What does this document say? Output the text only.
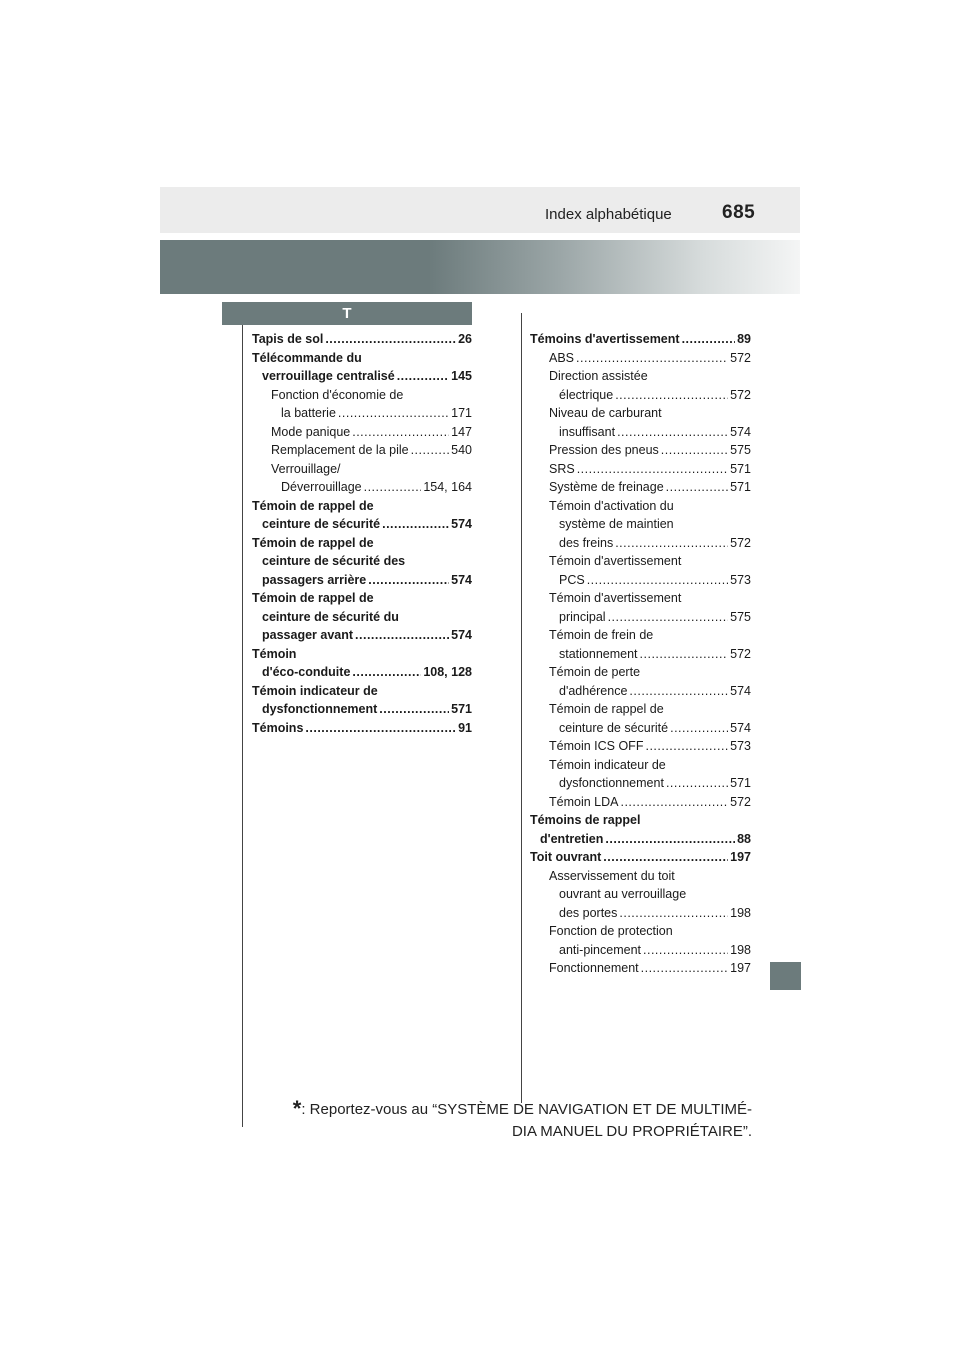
Index alphabétique	685
T
Tapis de sol .....	26
Télécommande du
verrouillage centralisé .....	145
Fonction d'économie de
la batterie .....	171
Mode panique .....	147
Remplacement de la pile .....	540
Verrouillage/
Déverrouillage .....	154, 164
Témoin de rappel de
ceinture de sécurité .....	574
Témoin de rappel de
ceinture de sécurité des
passagers arrière .....	574
Témoin de rappel de
ceinture de sécurité du
passager avant .....	574
Témoin
d'éco-conduite .....	108, 128
Témoin indicateur de
dysfonctionnement .....	571
Témoins .....	91
Témoins d'avertissement .....	89
ABS .....	572
Direction assistée
électrique .....	572
Niveau de carburant
insuffisant .....	574
Pression des pneus .....	575
SRS .....	571
Système de freinage .....	571
Témoin d'activation du
système de maintien
des freins .....	572
Témoin d'avertissement
PCS .....	573
Témoin d'avertissement
principal .....	575
Témoin de frein de
stationnement .....	572
Témoin de perte
d'adhérence .....	574
Témoin de rappel de
ceinture de sécurité .....	574
Témoin ICS OFF .....	573
Témoin indicateur de
dysfonctionnement .....	571
Témoin LDA .....	572
Témoins de rappel
d'entretien .....	88
Toit ouvrant .....	197
Asservissement du toit
ouvrant au verrouillage
des portes .....	198
Fonction de protection
anti-pincement .....	198
Fonctionnement .....	197
*: Reportez-vous au “SYSTÈME DE NAVIGATION ET DE MULTIMÉ-
DIA MANUEL DU PROPRIÉTAIRE”.
